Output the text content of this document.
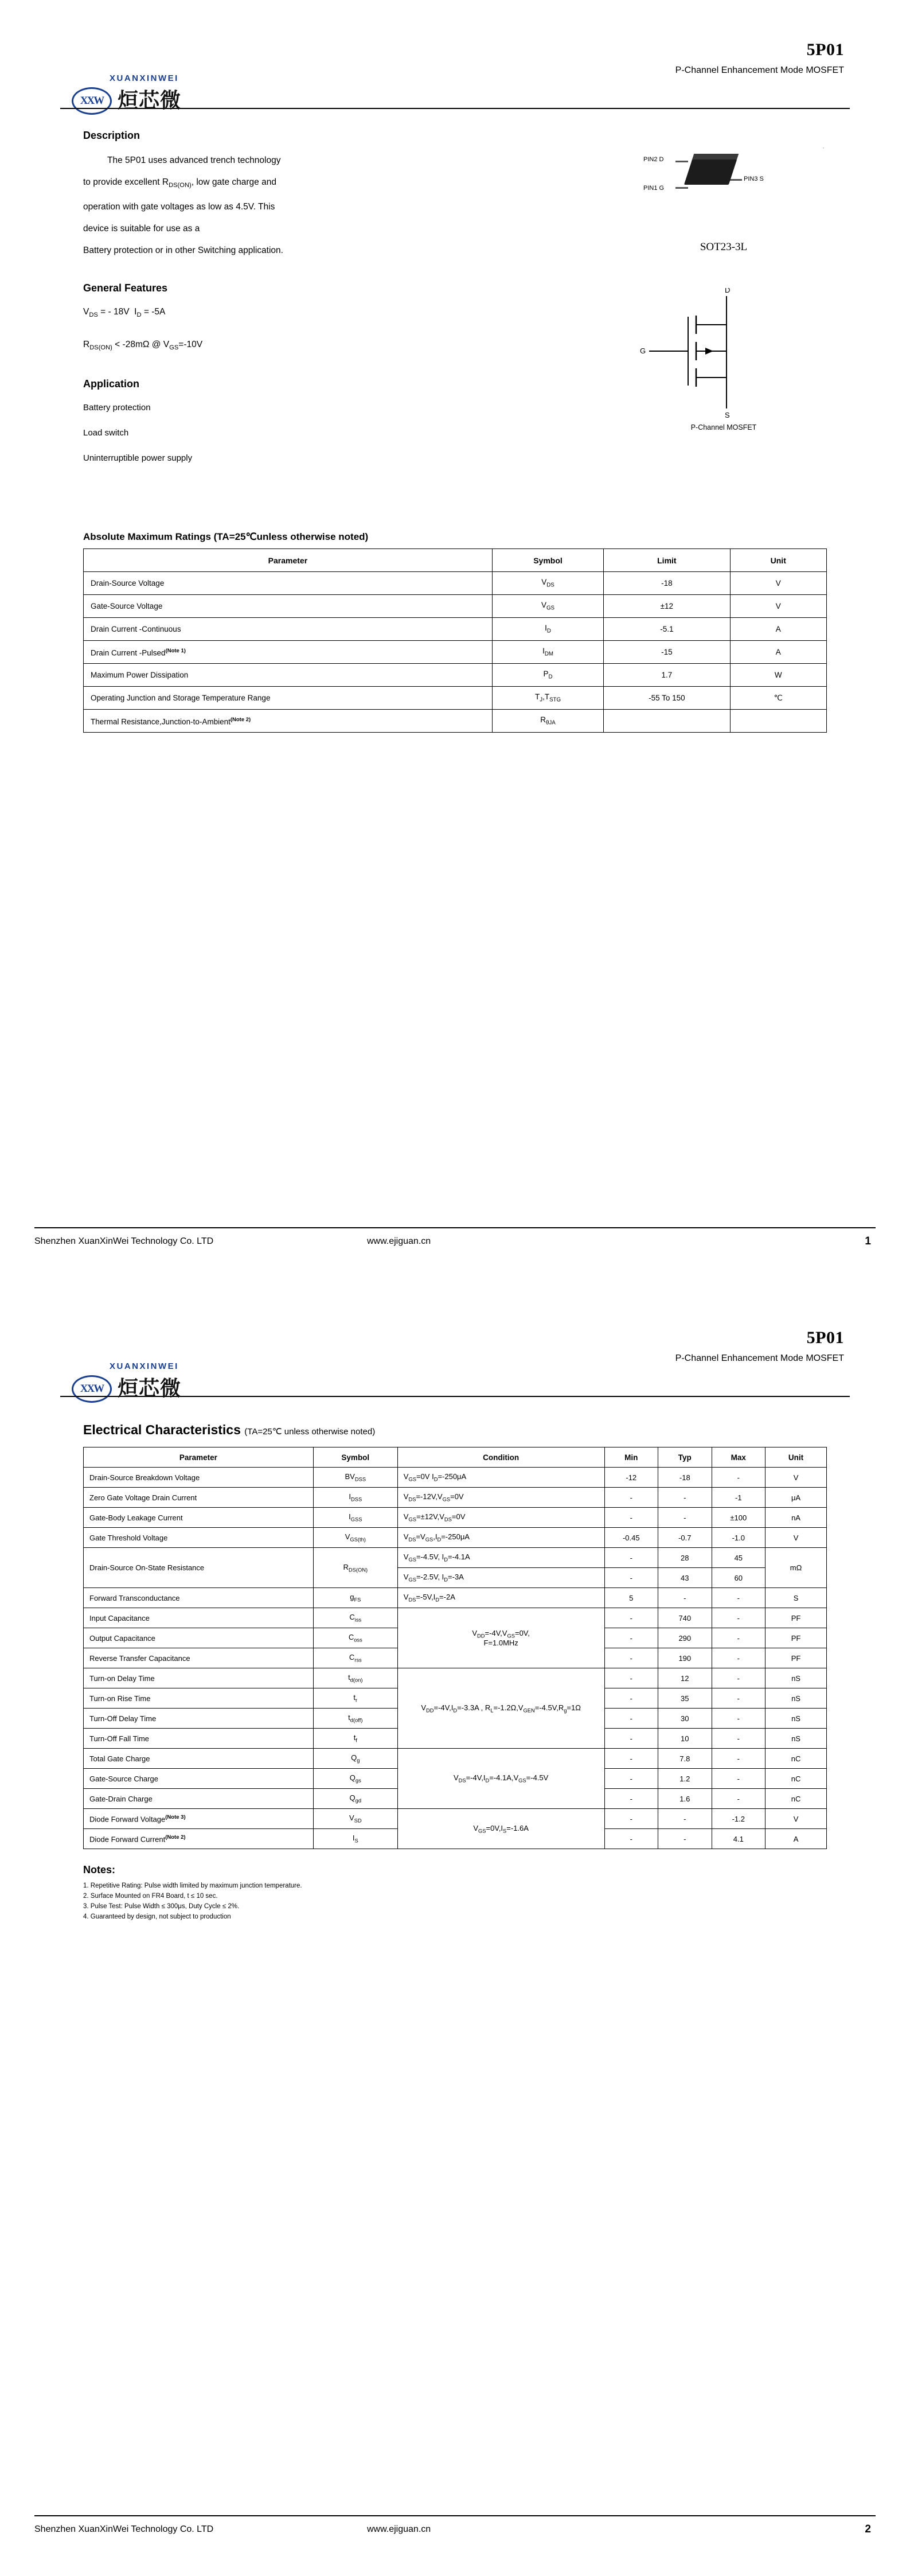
XXW 烜芯微
XUANXINWEI
5P01
P-Channel Enhancement Mode MOSFET
·
PIN2 D
PIN1 G
PIN3 S
SOT23-3L
D
G
S
P-Channel MOSFET
Description
The 5P01 uses advanced trench technology
to provide excellent $R_{DS(ON)}$, low gate charge and
operation with gate voltages as low as 4.5V. This
device is suitable for use as a
Battery protection or in other Switching application.
General Features
$V_{DS}$ = - 18V  $I_D = -5A$
$R_{DS(ON)} < -28m\Omega$ @ $V_{GS}=-10V$
Application
Battery protection
Load switch
Uninterruptible power supply
Absolute Maximum Ratings (TA=25℃unless otherwise noted)
Parameter	Symbol	Limit	Unit
Drain-Source Voltage	$V_{DS}$	-18	V
Gate-Source Voltage	$V_{GS}$	±12	V
Drain Current -Continuous	$I_D$	-5.1	A
Drain Current -Pulsed$^{(Note 1)}$	$I_{DM}$	-15	A
Maximum Power Dissipation	$P_D$	1.7	W
Operating Junction and Storage Temperature Range	$T_J,T_{STG}$	-55 To 150	℃
Thermal Resistance,Junction-to-Ambient$^{(Note 2)}$	$R_{\theta JA}$		
Shenzhen XuanXinWei Technology Co. LTD	www.ejiguan.cn	1
XXW 烜芯微
XUANXINWEI
5P01
P-Channel Enhancement Mode MOSFET
Electrical Characteristics (TA=25℃ unless otherwise noted)
Parameter	Symbol	Condition	Min	Typ	Max	Unit
Drain-Source Breakdown Voltage	$BV_{DSS}$	$V_{GS}=0V$ $I_D=-250\mu A$	-12	-18	-	V
Zero Gate Voltage Drain Current	$I_{DSS}$	$V_{DS}=-12V,V_{GS}=0V$	-	-	-1	μA
Gate-Body Leakage Current	$I_{GSS}$	$V_{GS}=\pm 12V,V_{DS}=0V$	-	-	±100	nA
Gate Threshold Voltage	$V_{GS(th)}$	$V_{DS}=V_{GS},I_D=-250\mu A$	-0.45	-0.7	-1.0	V
Drain-Source On-State Resistance	$R_{DS(ON)}$	$V_{GS}=-4.5V$, $I_D=-4.1A$	-	28	45	mΩ
		$V_{GS}=-2.5V$, $I_D=-3A$	-	43	60	
Forward Transconductance	$g_{FS}$	$V_{DS}=-5V,I_D=-2A$	5	-	-	S
Input Capacitance	$C_{iss}$	$V_{DD}=-4V,V_{GS}=0V$,
F=1.0MHz	-	740	-	PF
Output Capacitance	$C_{oss}$		-	290	-	PF
Reverse Transfer Capacitance	$C_{rss}$		-	190	-	PF
Turn-on Delay Time	$t_{d(on)}$	$V_{DD}=-4V,I_D=-3.3A$ , $R_L=-1.2\Omega,V_{GEN}=-4.5V,R_g=1\Omega$	-	12	-	nS
Turn-on Rise Time	$t_r$		-	35	-	nS
Turn-Off Delay Time	$t_{d(off)}$		-	30	-	nS
Turn-Off Fall Time	$t_f$		-	10	-	nS
Total Gate Charge	$Q_g$	$V_{DS}=-4V,I_D=-4.1A,V_{GS}=-4.5V$	-	7.8	-	nC
Gate-Source Charge	$Q_{gs}$		-	1.2	-	nC
Gate-Drain Charge	$Q_{gd}$		-	1.6	-	nC
Diode Forward Voltage$^{(Note 3)}$	$V_{SD}$	$V_{GS}=0V,I_S=-1.6A$	-	-	-1.2	V
Diode Forward Current$^{(Note 2)}$	$I_S$		-	-	4.1	A
Notes:
1. Repetitive Rating: Pulse width limited by maximum junction temperature.
2. Surface Mounted on FR4 Board, t ≤ 10 sec.
3. Pulse Test: Pulse Width ≤ 300μs, Duty Cycle ≤ 2%.
4. Guaranteed by design, not subject to production
Shenzhen XuanXinWei Technology Co. LTD	www.ejiguan.cn	2
